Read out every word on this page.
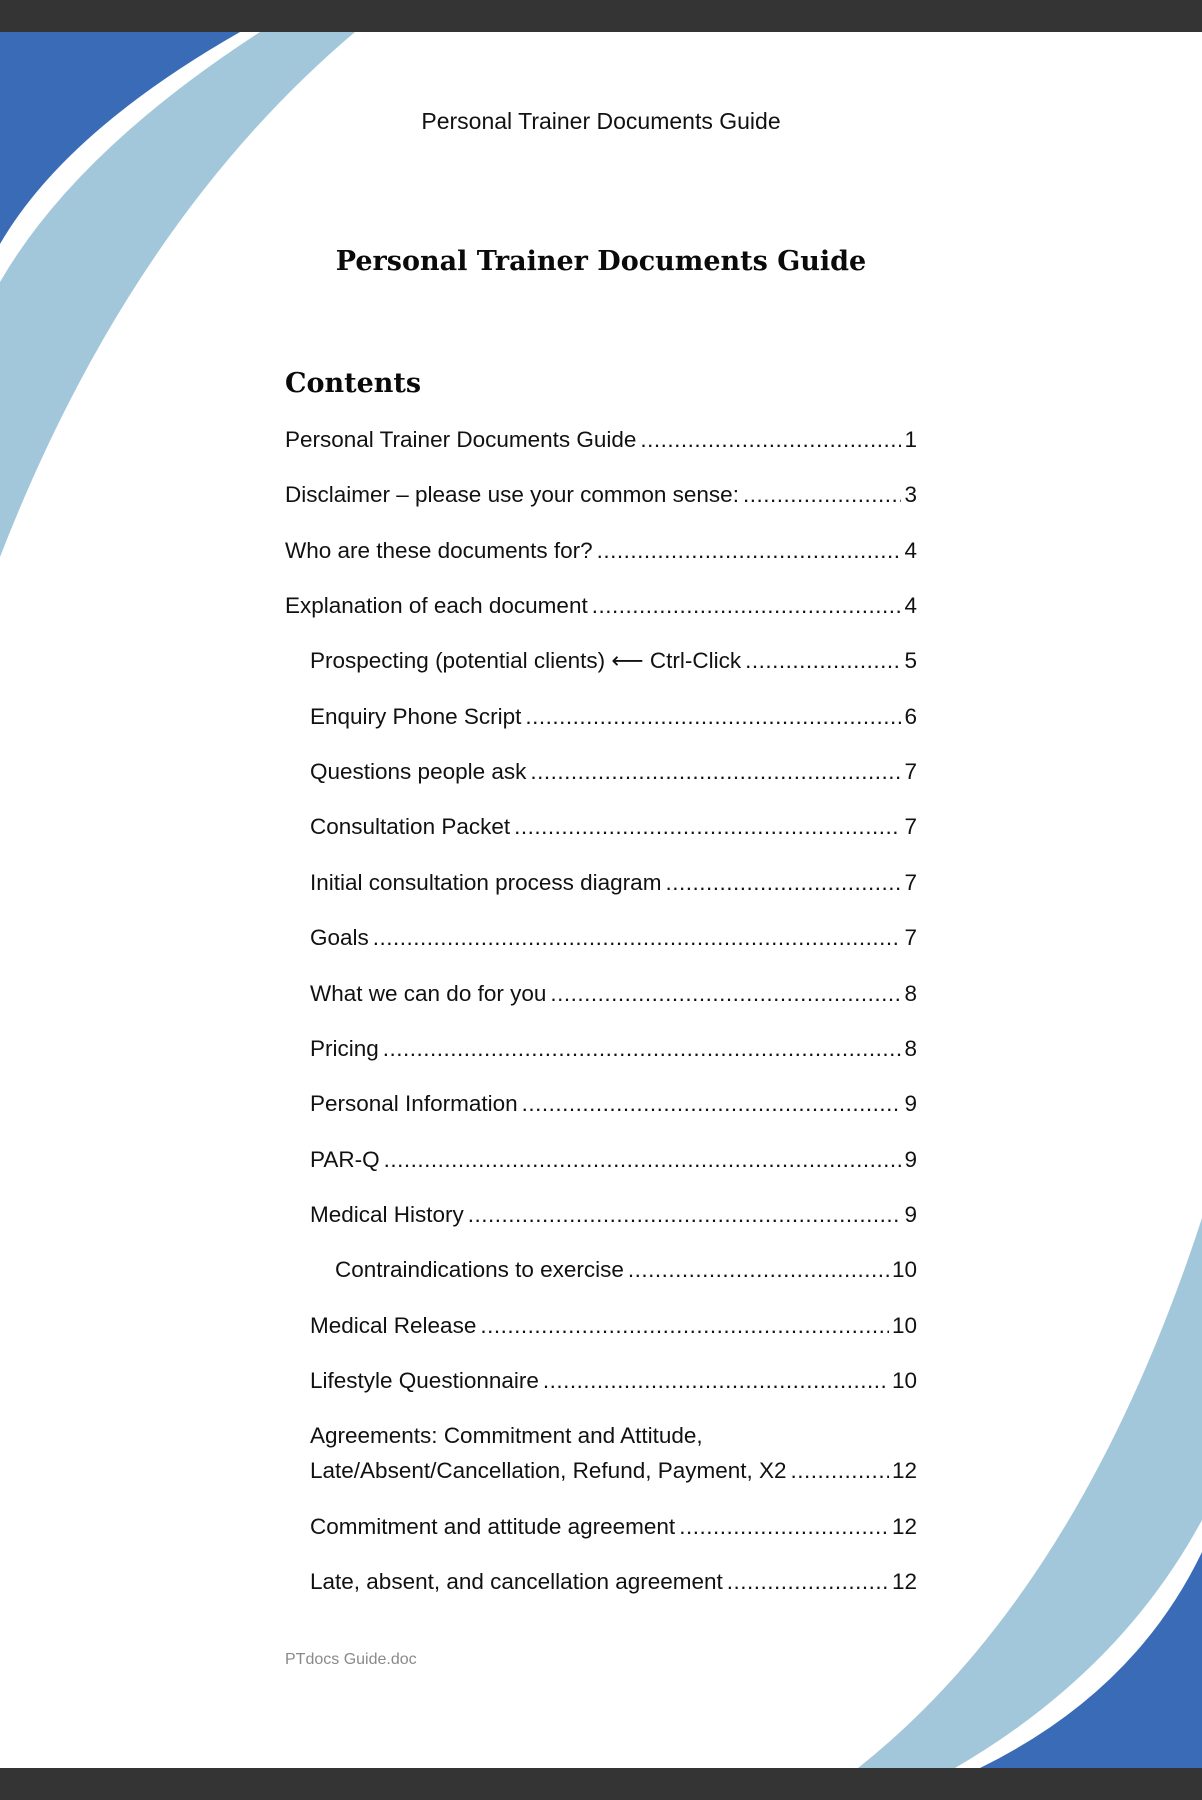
Personal Trainer Documents Guide
Personal Trainer Documents Guide
Contents
Personal Trainer Documents Guide .....	1
Disclaimer – please use your common sense: .....	3
Who are these documents for? .....	4
Explanation of each document .....	4
Prospecting (potential clients) ⟵ Ctrl-Click .....	5
Enquiry Phone Script .....	6
Questions people ask .....	7
Consultation Packet .....	7
Initial consultation process diagram .....	7
Goals .....	7
What we can do for you .....	8
Pricing .....	8
Personal Information .....	9
PAR-Q .....	9
Medical History .....	9
Contraindications to exercise .....	10
Medical Release .....	10
Lifestyle Questionnaire .....	10
Agreements: Commitment and Attitude,
Late/Absent/Cancellation, Refund, Payment, X2 .....	12
Commitment and attitude agreement .....	12
Late, absent, and cancellation agreement .....	12
PTdocs Guide.doc
